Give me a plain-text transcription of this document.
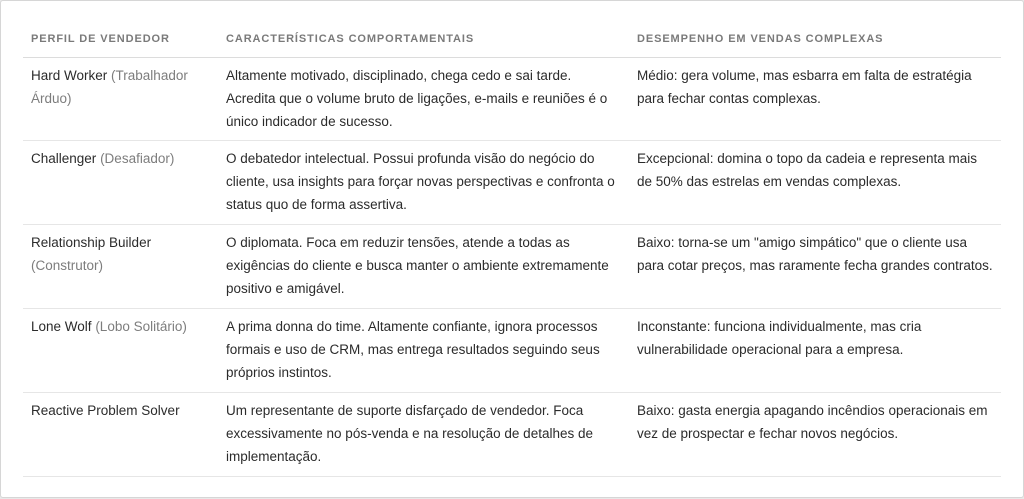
PERFIL DE VENDEDOR	CARACTERÍSTICAS COMPORTAMENTAIS	DESEMPENHO EM VENDAS COMPLEXAS
Hard Worker (Trabalhador Árduo)	Altamente motivado, disciplinado, chega cedo e sai tarde. Acredita que o volume bruto de ligações, e-mails e reuniões é o único indicador de sucesso.	Médio: gera volume, mas esbarra em falta de estratégia para fechar contas complexas.
Challenger (Desafiador)	O debatedor intelectual. Possui profunda visão do negócio do cliente, usa insights para forçar novas perspectivas e confronta o status quo de forma assertiva.	Excepcional: domina o topo da cadeia e representa mais de 50% das estrelas em vendas complexas.
Relationship Builder (Construtor)	O diplomata. Foca em reduzir tensões, atende a todas as exigências do cliente e busca manter o ambiente extremamente positivo e amigável.	Baixo: torna-se um "amigo simpático" que o cliente usa para cotar preços, mas raramente fecha grandes contratos.
Lone Wolf (Lobo Solitário)	A prima donna do time. Altamente confiante, ignora processos formais e uso de CRM, mas entrega resultados seguindo seus próprios instintos.	Inconstante: funciona individualmente, mas cria vulnerabilidade operacional para a empresa.
Reactive Problem Solver	Um representante de suporte disfarçado de vendedor. Foca excessivamente no pós-venda e na resolução de detalhes de implementação.	Baixo: gasta energia apagando incêndios operacionais em vez de prospectar e fechar novos negócios.
